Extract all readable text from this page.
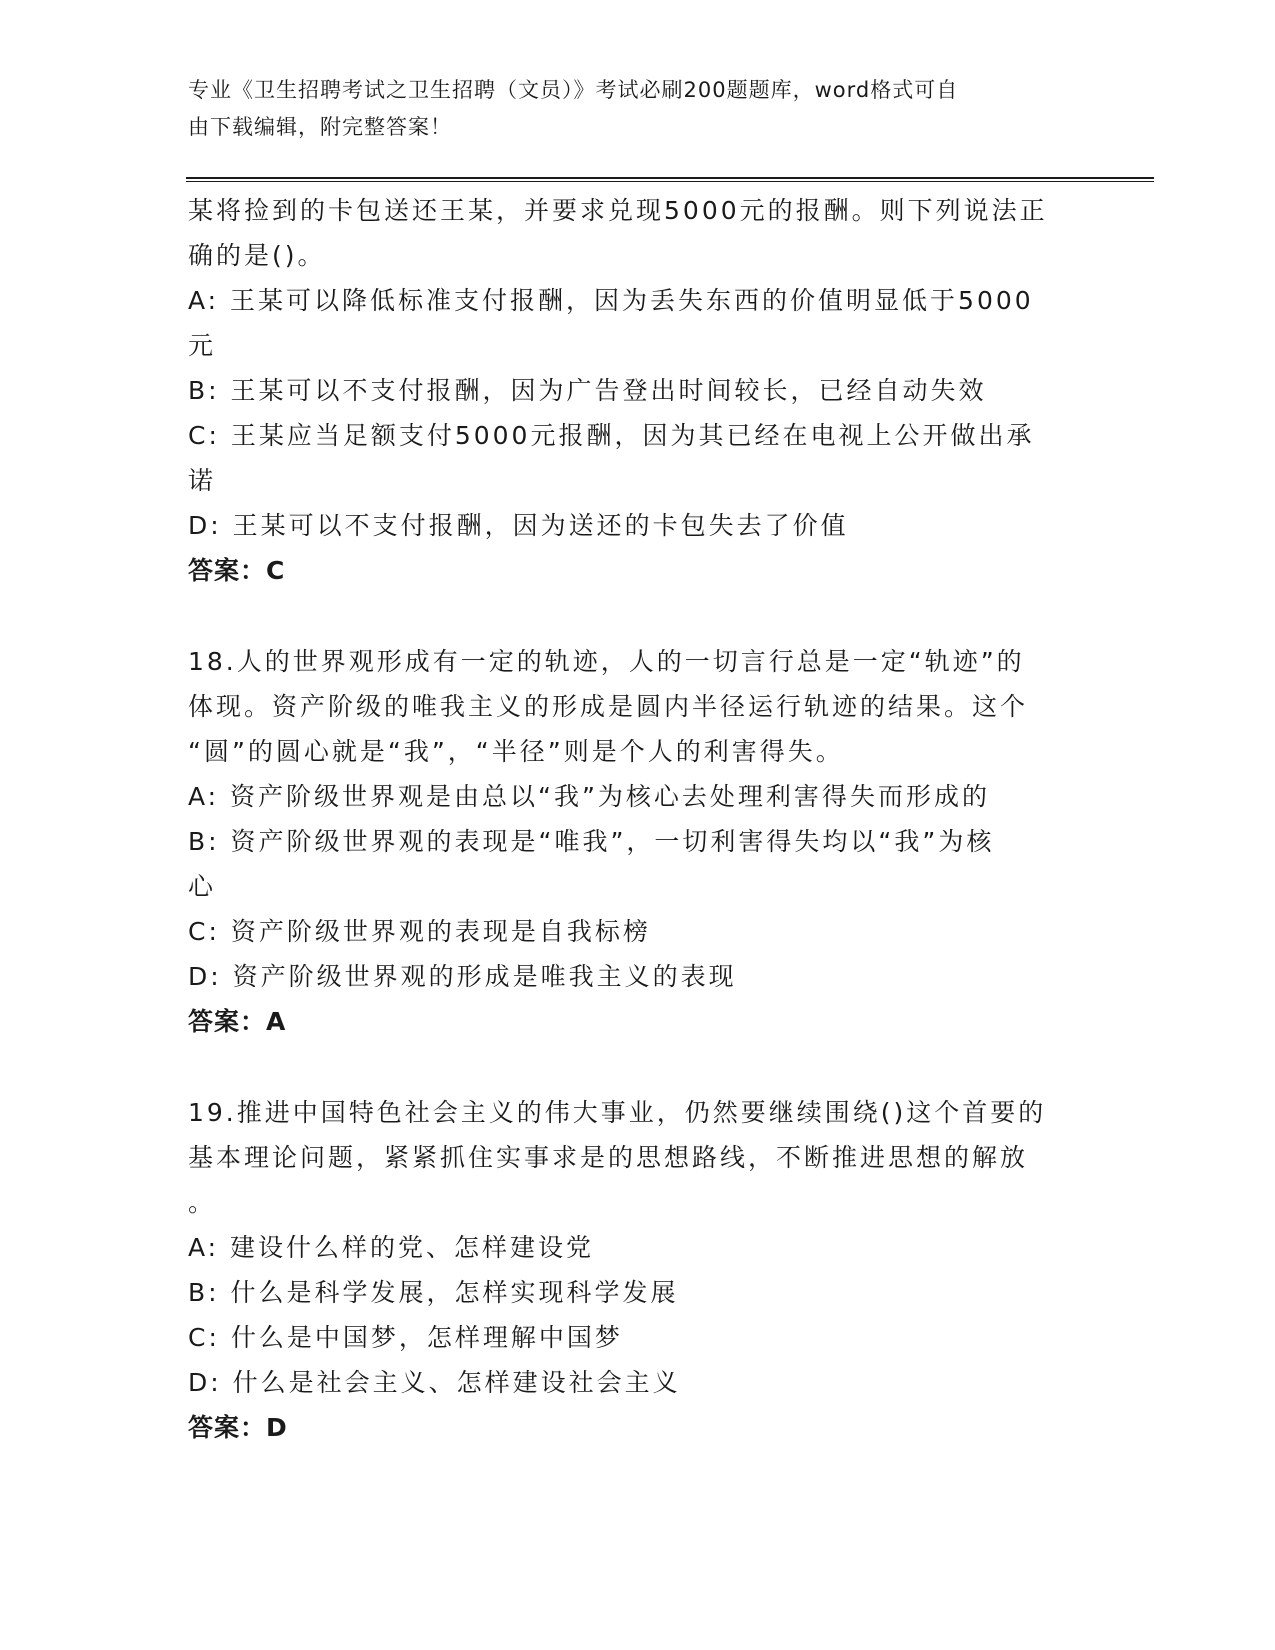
专业《卫生招聘考试之卫生招聘（文员）》考试必刷200题题库，word格式可自
由下载编辑，附完整答案！
某将捡到的卡包送还王某，并要求兑现5000元的报酬。则下列说法正
确的是()。
A: 王某可以降低标准支付报酬，因为丢失东西的价值明显低于5000
元
B: 王某可以不支付报酬，因为广告登出时间较长，已经自动失效
C: 王某应当足额支付5000元报酬，因为其已经在电视上公开做出承
诺
D: 王某可以不支付报酬，因为送还的卡包失去了价值
答案：C
18.人的世界观形成有一定的轨迹，人的一切言行总是一定“轨迹”的
体现。资产阶级的唯我主义的形成是圆内半径运行轨迹的结果。这个
“圆”的圆心就是“我”，“半径”则是个人的利害得失。
A: 资产阶级世界观是由总以“我”为核心去处理利害得失而形成的
B: 资产阶级世界观的表现是“唯我”，一切利害得失均以“我”为核
心
C: 资产阶级世界观的表现是自我标榜
D: 资产阶级世界观的形成是唯我主义的表现
答案：A
19.推进中国特色社会主义的伟大事业，仍然要继续围绕()这个首要的
基本理论问题，紧紧抓住实事求是的思想路线，不断推进思想的解放
。
A: 建设什么样的党、怎样建设党
B: 什么是科学发展，怎样实现科学发展
C: 什么是中国梦，怎样理解中国梦
D: 什么是社会主义、怎样建设社会主义
答案：D
